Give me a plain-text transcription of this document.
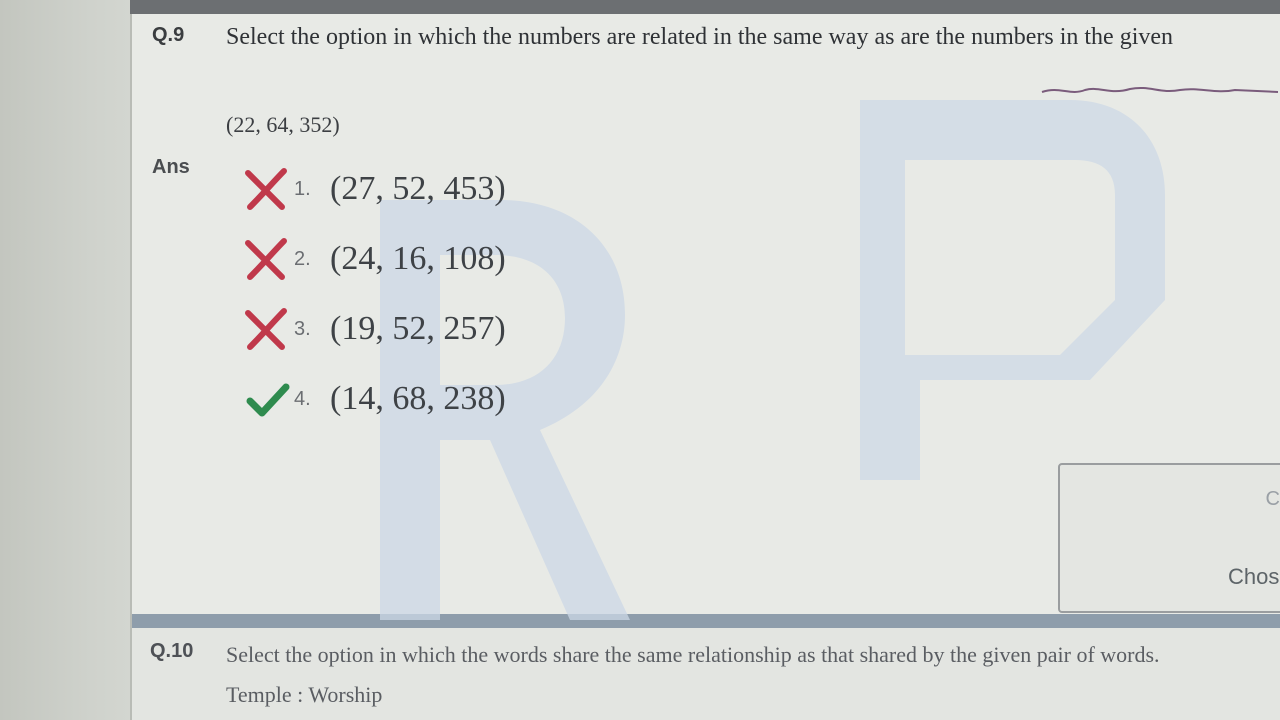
Q.9 Select the option in which the numbers are related in the same way as are the numbers in the given
(22, 64, 352)
Ans
1. (27, 52, 453)
2. (24, 16, 108)
3. (19, 52, 257)
4. (14, 68, 238)
C
Chos
Q.10 Select the option in which the words share the same relationship as that shared by the given pair of words.
Temple : Worship
